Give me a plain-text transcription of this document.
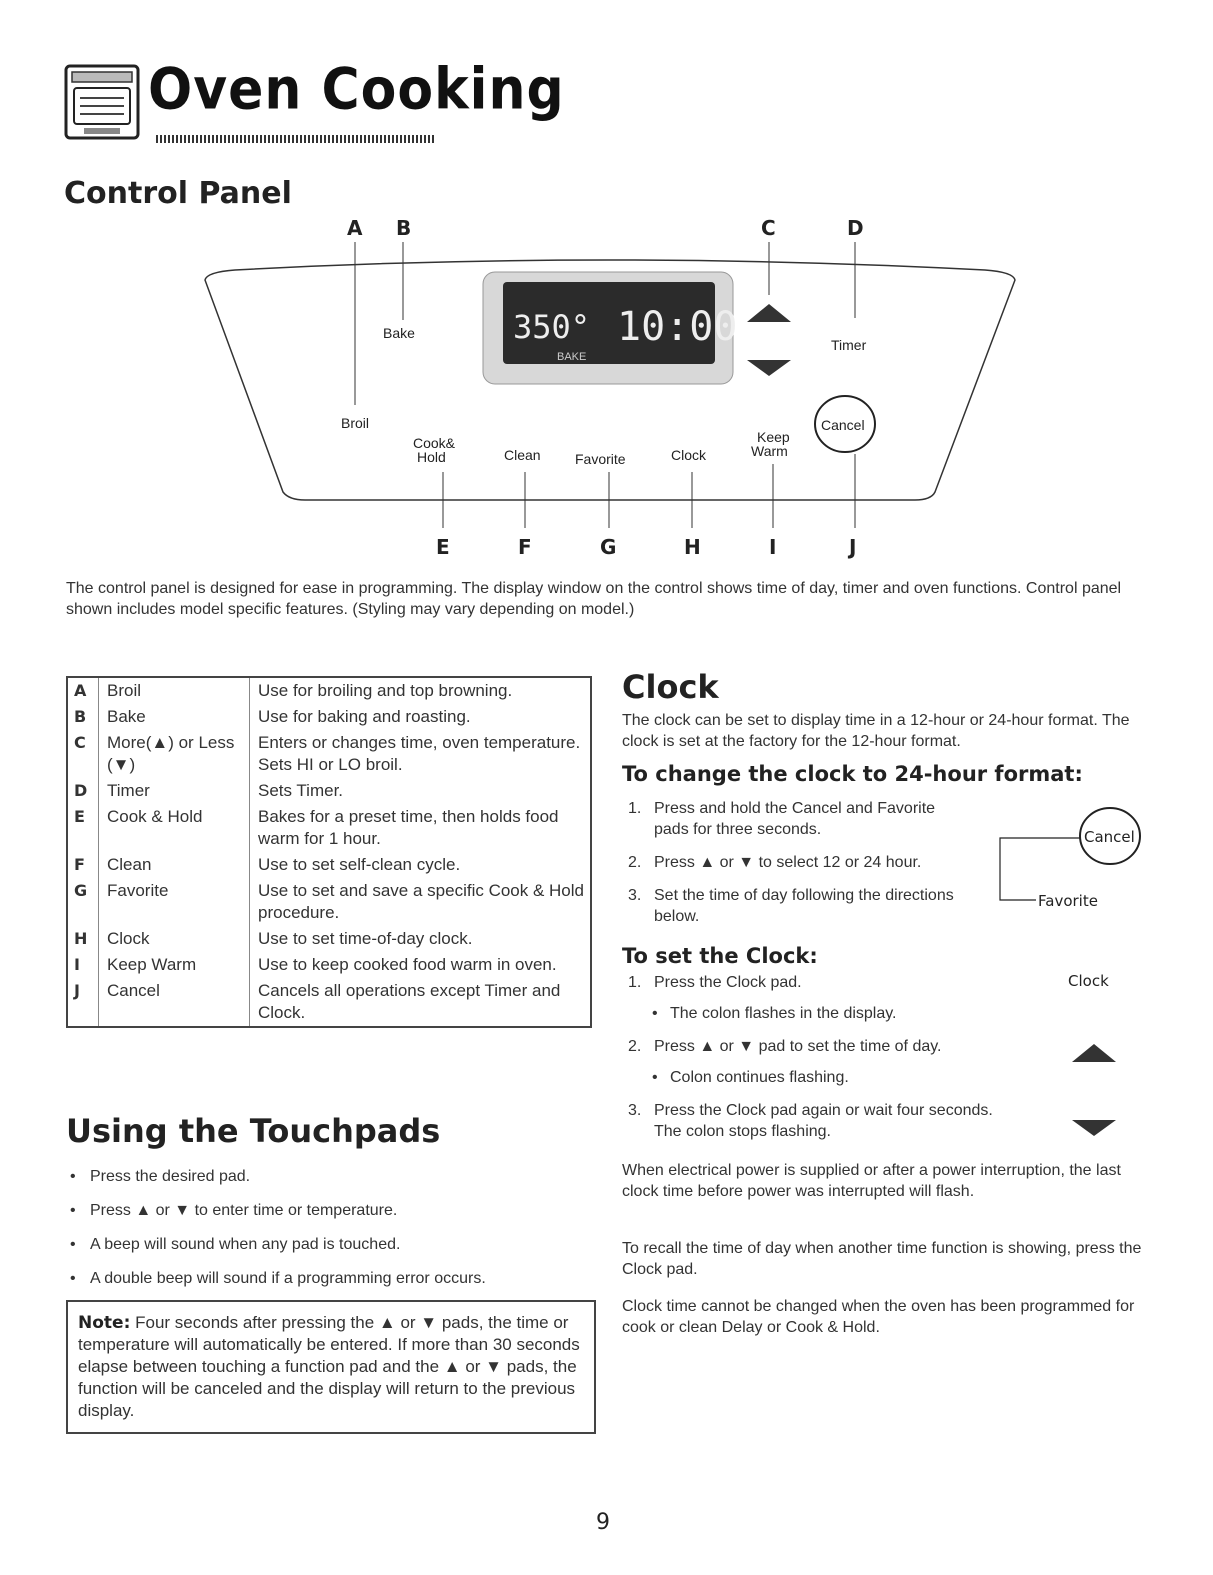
Oven Cooking
Control Panel
A B	C	D
350° 10:00
BAKE
Bake
Timer
Broil
Cook&
Hold	Clean Favorite	Clock
Keep
Warm
Cancel
E	F	G	H	I	J
The control panel is designed for ease in programming. The display window on the control shows time of day, timer and oven functions. Control panel shown includes model specific features. (Styling may vary depending on model.)
A	Broil	Use for broiling and top browning.
B	Bake	Use for baking and roasting.
C	More(▲) or Less (▼)	Enters or changes time, oven temperature. Sets HI or LO broil.
D	Timer	Sets Timer.
E	Cook & Hold	Bakes for a preset time, then holds food warm for 1 hour.
F	Clean	Use to set self-clean cycle.
G	Favorite	Use to set and save a specific Cook & Hold procedure.
H	Clock	Use to set time-of-day clock.
I	Keep Warm	Use to keep cooked food warm in oven.
J	Cancel	Cancels all operations except Timer and Clock.
Using the Touchpads
• Press the desired pad.
• Press ▲ or ▼ to enter time or temperature.
• A beep will sound when any pad is touched.
• A double beep will sound if a programming error occurs.
Note: Four seconds after pressing the ▲ or ▼ pads, the time or temperature will automatically be entered. If more than 30 seconds elapse between touching a function pad and the ▲ or ▼ pads, the function will be canceled and the display will return to the previous display.
Clock
The clock can be set to display time in a 12-hour or 24-hour format. The clock is set at the factory for the 12-hour format.
To change the clock to 24-hour format:
1. Press and hold the Cancel and Favorite pads for three seconds.
2. Press ▲ or ▼ to select 12 or 24 hour.
3. Set the time of day following the directions below.
To set the Clock:
1. Press the Clock pad.
• The colon flashes in the display.
2. Press ▲ or ▼ pad to set the time of day.
• Colon continues flashing.
3. Press the Clock pad again or wait four seconds. The colon stops flashing.
Cancel
Favorite
Clock
When electrical power is supplied or after a power interruption, the last clock time before power was interrupted will flash.
To recall the time of day when another time function is showing, press the Clock pad.
Clock time cannot be changed when the oven has been programmed for cook or clean Delay or Cook & Hold.
9
